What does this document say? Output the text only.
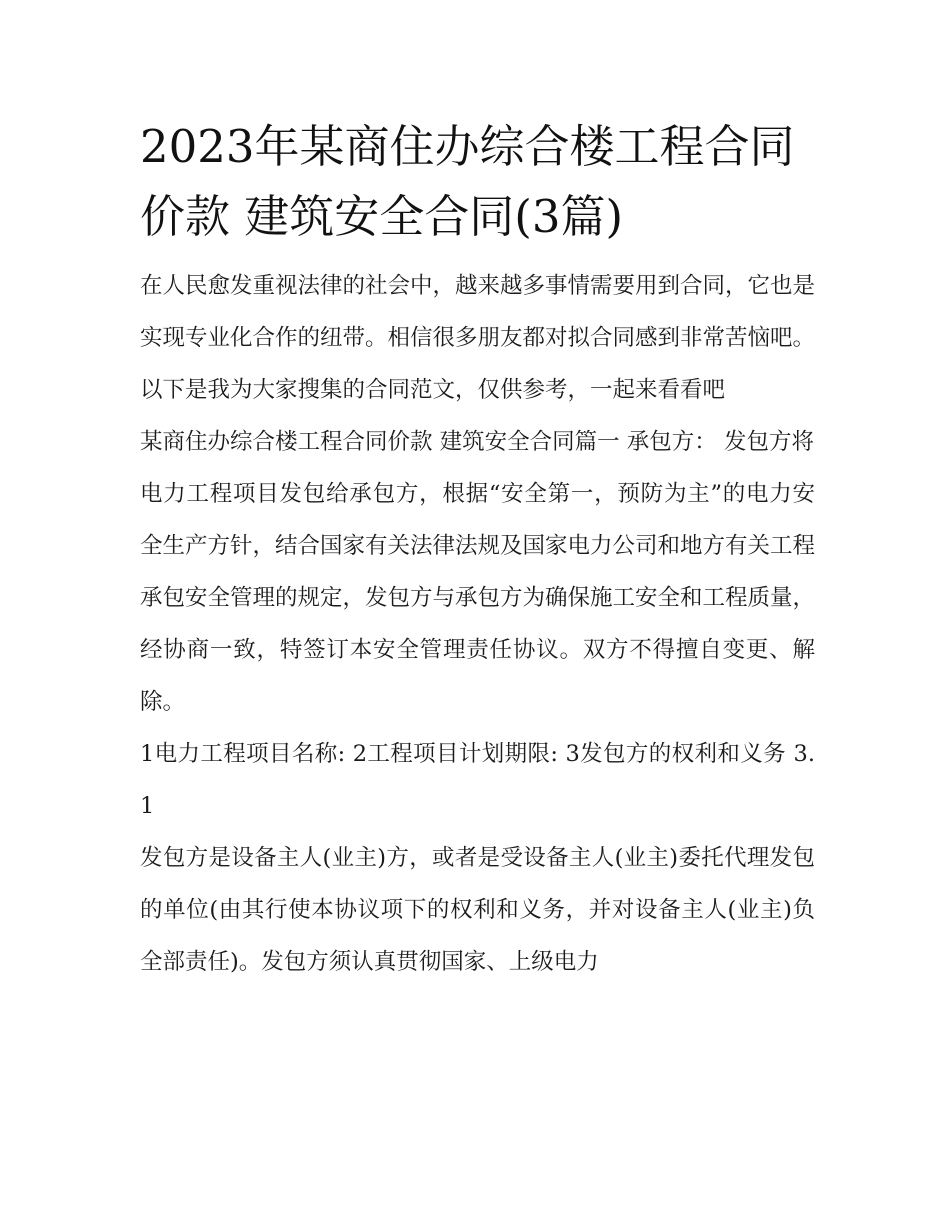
2023年某商住办综合楼工程合同价款 建筑安全合同(3篇)

在人民愈发重视法律的社会中，越来越多事情需要用到合同，它也是实现专业化合作的纽带。相信很多朋友都对拟合同感到非常苦恼吧。以下是我为大家搜集的合同范文，仅供参考，一起来看看吧

某商住办综合楼工程合同价款 建筑安全合同篇一 承包方： 发包方将

电力工程项目发包给承包方，根据“安全第一，预防为主”的电力安全生产方针，结合国家有关法律法规及国家电力公司和地方有关工程承包安全管理的规定，发包方与承包方为确保施工安全和工程质量，经协商一致，特签订本安全管理责任协议。双方不得擅自变更、解除。

1电力工程项目名称: 2工程项目计划期限: 3发包方的权利和义务 3.1

发包方是设备主人(业主)方，或者是受设备主人(业主)委托代理发包的单位(由其行使本协议项下的权利和义务，并对设备主人(业主)负全部责任)。发包方须认真贯彻国家、上级电力
